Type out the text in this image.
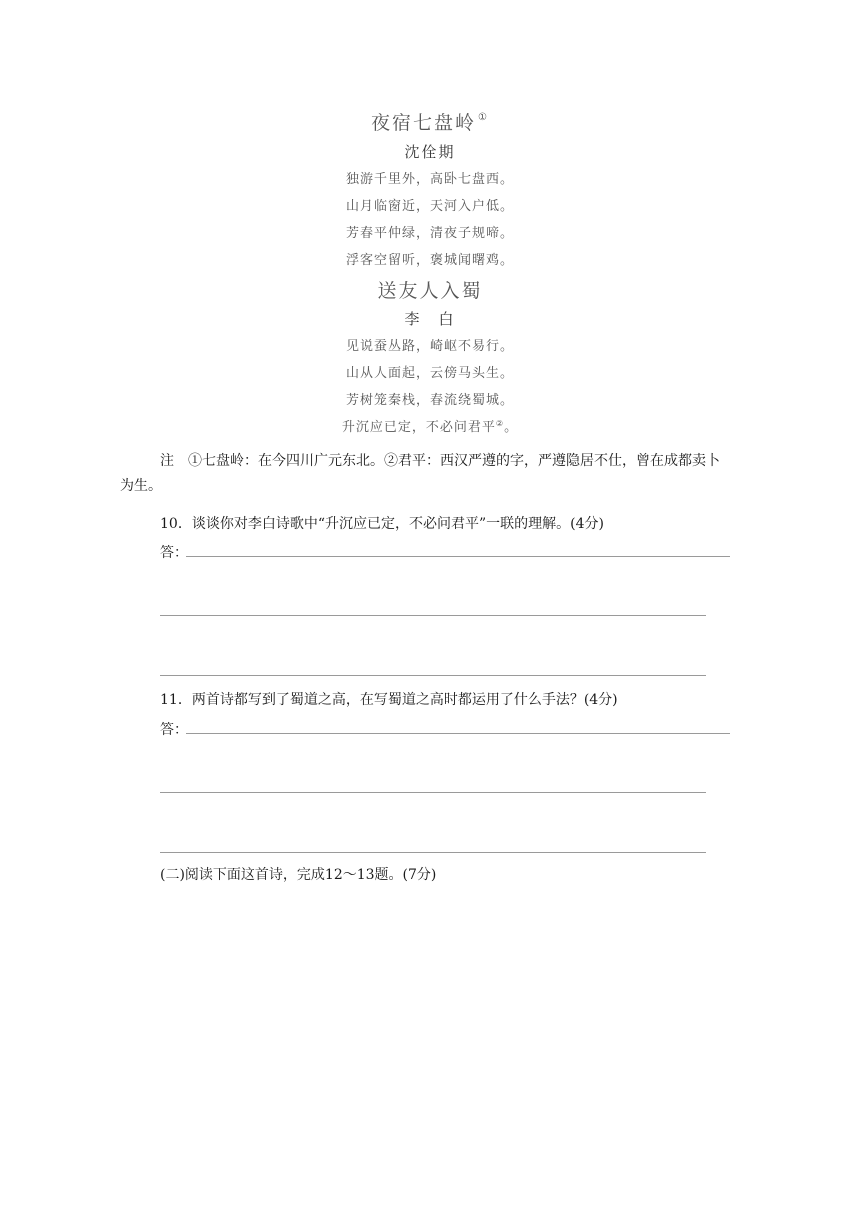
夜宿七盘岭 ①
沈佺期
独游千里外，高卧七盘西。
山月临窗近，天河入户低。
芳春平仲绿，清夜子规啼。
浮客空留听，褒城闻曙鸡。
送友人入蜀
李　白
见说蚕丛路，崎岖不易行。
山从人面起，云傍马头生。
芳树笼秦栈，春流绕蜀城。
升沉应已定，不必问君平②。
注　①七盘岭：在今四川广元东北。②君平：西汉严遵的字，严遵隐居不仕，曾在成都卖卜为生。
10．谈谈你对李白诗歌中“升沉应已定，不必问君平”一联的理解。(4分)
答：
11．两首诗都写到了蜀道之高，在写蜀道之高时都运用了什么手法？(4分)
答：
(二)阅读下面这首诗，完成12～13题。(7分)
